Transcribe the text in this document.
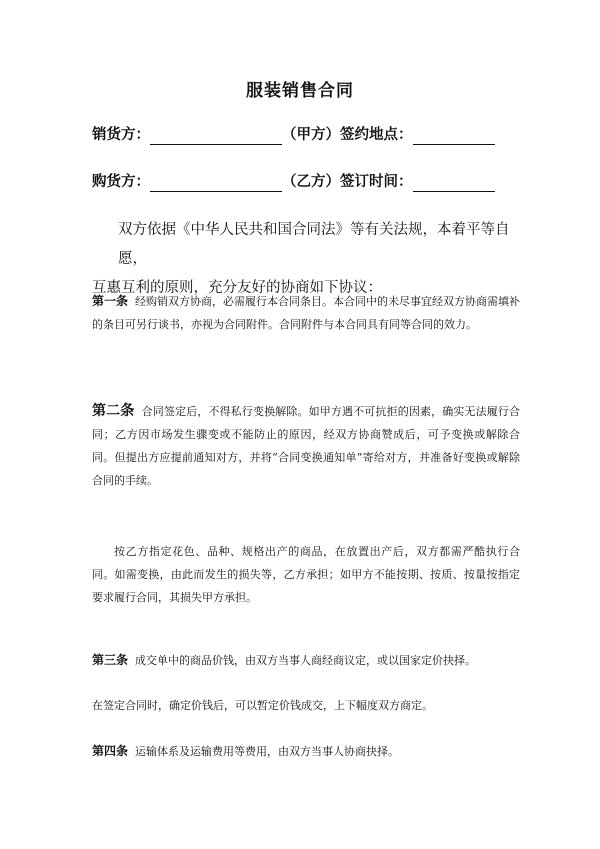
服装销售合同
销货方：	（甲方）签约地点：
购货方：	（乙方）签订时间：
双方依据《中华人民共和国合同法》等有关法规，本着平等自愿，
互惠互利的原则，充分友好的协商如下协议：
第一条 经购销双方协商，必需履行本合同条目。本合同中的未尽事宜经双方协商需填补的条目可另行谈书，亦视为合同附件。合同附件与本合同具有同等合同的效力。
第二条 合同签定后，不得私行变换解除。如甲方遇不可抗拒的因素，确实无法履行合同；乙方因市场发生骤变或不能防止的原因，经双方协商赞成后，可予变换或解除合同。但提出方应提前通知对方，并将“合同变换通知单”寄给对方，并准备好变换或解除合同的手续。
按乙方指定花色、品种、规格出产的商品，在放置出产后，双方都需严酷执行合同。如需变换，由此而发生的损失等，乙方承担；如甲方不能按期、按质、按量按指定要求履行合同，其损失甲方承担。
第三条 成交单中的商品价钱，由双方当事人商经商议定，或以国家定价抉择。
在签定合同时，确定价钱后，可以暂定价钱成交，上下幅度双方商定。
第四条 运输体系及运输费用等费用，由双方当事人协商抉择。
